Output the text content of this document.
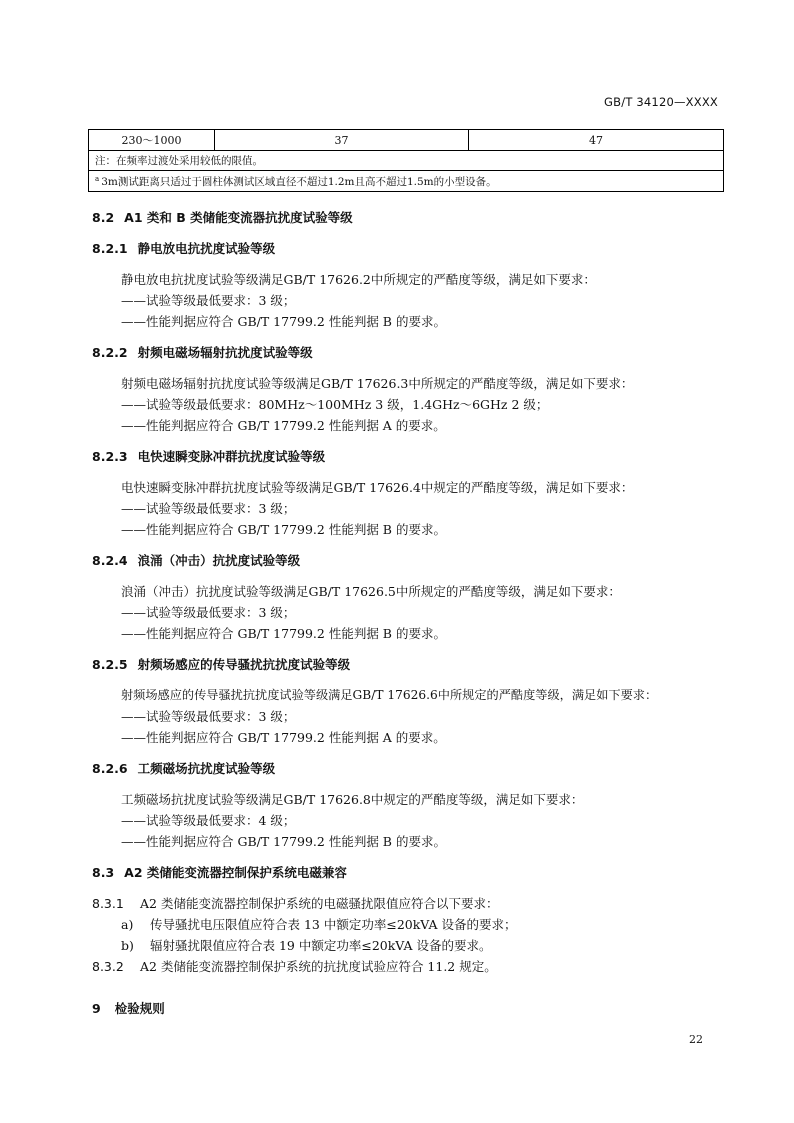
GB/T 34120—XXXX
230～1000	37	47
注：在频率过渡处采用较低的限值。
$^a$ 3m测试距离只适过于圆柱体测试区域直径不超过1.2m且高不超过1.5m的小型设备。
8.2 A1 类和 B 类储能变流器抗扰度试验等级
8.2.1 静电放电抗扰度试验等级
静电放电抗扰度试验等级满足GB/T 17626.2中所规定的严酷度等级，满足如下要求：
——试验等级最低要求：3 级；
——性能判据应符合 GB/T 17799.2 性能判据 B 的要求。
8.2.2 射频电磁场辐射抗扰度试验等级
射频电磁场辐射抗扰度试验等级满足GB/T 17626.3中所规定的严酷度等级，满足如下要求：
——试验等级最低要求：80MHz～100MHz 3 级，1.4GHz～6GHz 2 级；
——性能判据应符合 GB/T 17799.2 性能判据 A 的要求。
8.2.3 电快速瞬变脉冲群抗扰度试验等级
电快速瞬变脉冲群抗扰度试验等级满足GB/T 17626.4中规定的严酷度等级，满足如下要求：
——试验等级最低要求：3 级；
——性能判据应符合 GB/T 17799.2 性能判据 B 的要求。
8.2.4 浪涌（冲击）抗扰度试验等级
浪涌（冲击）抗扰度试验等级满足GB/T 17626.5中所规定的严酷度等级，满足如下要求：
——试验等级最低要求：3 级；
——性能判据应符合 GB/T 17799.2 性能判据 B 的要求。
8.2.5 射频场感应的传导骚扰抗扰度试验等级
射频场感应的传导骚扰抗扰度试验等级满足GB/T 17626.6中所规定的严酷度等级，满足如下要求：
——试验等级最低要求：3 级；
——性能判据应符合 GB/T 17799.2 性能判据 A 的要求。
8.2.6 工频磁场抗扰度试验等级
工频磁场抗扰度试验等级满足GB/T 17626.8中规定的严酷度等级，满足如下要求：
——试验等级最低要求：4 级；
——性能判据应符合 GB/T 17799.2 性能判据 B 的要求。
8.3 A2 类储能变流器控制保护系统电磁兼容
8.3.1 A2 类储能变流器控制保护系统的电磁骚扰限值应符合以下要求：
a) 传导骚扰电压限值应符合表 13 中额定功率≤20kVA 设备的要求；
b) 辐射骚扰限值应符合表 19 中额定功率≤20kVA 设备的要求。
8.3.2 A2 类储能变流器控制保护系统的抗扰度试验应符合 11.2 规定。
9 检验规则
22
